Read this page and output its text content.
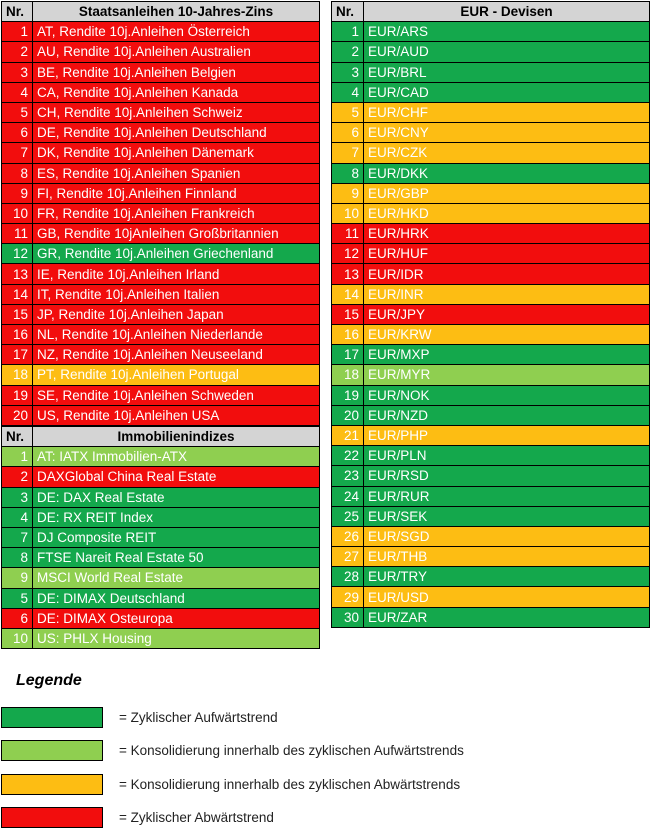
Nr.	Staatsanleihen 10-Jahres-Zins
1	AT, Rendite 10j.Anleihen Österreich
2	AU, Rendite 10j.Anleihen Australien
3	BE, Rendite 10j.Anleihen Belgien
4	CA, Rendite 10j.Anleihen Kanada
5	CH, Rendite 10j.Anleihen Schweiz
6	DE, Rendite 10j.Anleihen Deutschland
7	DK, Rendite 10j.Anleihen Dänemark
8	ES, Rendite 10j.Anleihen Spanien
9	FI, Rendite 10j.Anleihen Finnland
10	FR, Rendite 10j.Anleihen Frankreich
11	GB, Rendite 10jAnleihen Großbritannien
12	GR, Rendite 10j.Anleihen Griechenland
13	IE, Rendite 10j.Anleihen Irland
14	IT, Rendite 10j.Anleihen Italien
15	JP, Rendite 10j.Anleihen Japan
16	NL, Rendite 10j.Anleihen Niederlande
17	NZ, Rendite 10j.Anleihen Neuseeland
18	PT, Rendite 10j.Anleihen Portugal
19	SE, Rendite 10j.Anleihen Schweden
20	US, Rendite 10j.Anleihen USA
Nr.	Immobilienindizes
1	AT: IATX Immobilien-ATX
2	DAXGlobal China Real Estate
3	DE: DAX Real Estate
4	DE: RX REIT Index
7	DJ Composite REIT
8	FTSE Nareit Real Estate 50
9	MSCI World Real Estate
5	DE: DIMAX Deutschland
6	DE: DIMAX Osteuropa
10	US: PHLX Housing
Nr.	EUR - Devisen
1	EUR/ARS
2	EUR/AUD
3	EUR/BRL
4	EUR/CAD
5	EUR/CHF
6	EUR/CNY
7	EUR/CZK
8	EUR/DKK
9	EUR/GBP
10	EUR/HKD
11	EUR/HRK
12	EUR/HUF
13	EUR/IDR
14	EUR/INR
15	EUR/JPY
16	EUR/KRW
17	EUR/MXP
18	EUR/MYR
19	EUR/NOK
20	EUR/NZD
21	EUR/PHP
22	EUR/PLN
23	EUR/RSD
24	EUR/RUR
25	EUR/SEK
26	EUR/SGD
27	EUR/THB
28	EUR/TRY
29	EUR/USD
30	EUR/ZAR
Legende
= Zyklischer Aufwärtstrend
= Konsolidierung innerhalb des zyklischen Aufwärtstrends
= Konsolidierung innerhalb des zyklischen Abwärtstrends
= Zyklischer Abwärtstrend
